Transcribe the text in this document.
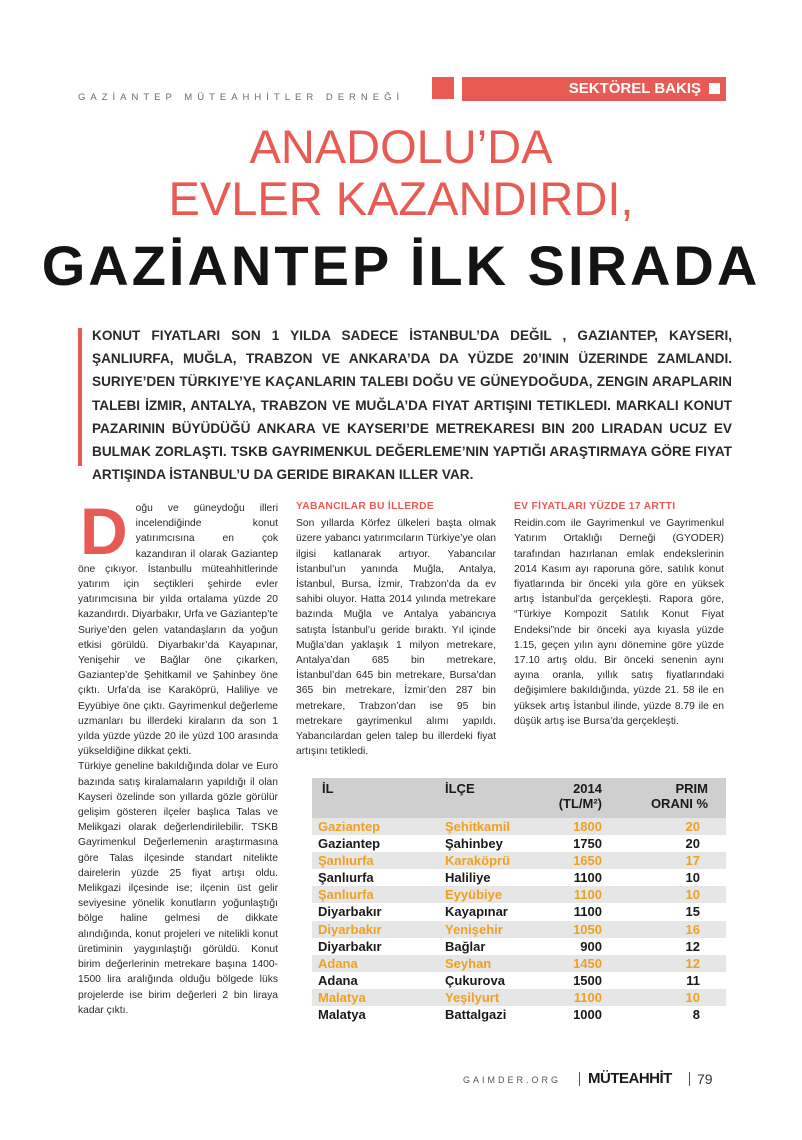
GAZİANTEP MÜTEAHHİTLER DERNEĞİ
SEKTÖREL BAKIŞ
ANADOLU’DA
EVLER KAZANDIRDI,
GAZİANTEP İLK SIRADA
KONUT FIYATLARI SON 1 YILDA SADECE İSTANBUL’DA DEĞIL , GAZIANTEP, KAYSERI, ŞANLIURFA, MUĞLA, TRABZON VE ANKARA’DA DA YÜZDE 20’ININ ÜZERINDE ZAMLANDI. SURIYE’DEN TÜRKIYE’YE KAÇANLARIN TALEBI DOĞU VE GÜNEYDOĞUDA, ZENGIN ARAPLARIN TALEBI İZMIR, ANTALYA, TRABZON VE MUĞLA’DA FIYAT ARTIŞINI TETIKLEDI. MARKALI KONUT PAZARININ BÜYÜDÜĞÜ ANKARA VE KAYSERI’DE METREKARESI BIN 200 LIRADAN UCUZ EV BULMAK ZORLAŞTI. TSKB GAYRIMENKUL DEĞERLEME’NIN YAPTIĞI ARAŞTIRMAYA GÖRE FIYAT ARTIŞINDA İSTANBUL’U DA GERIDE BIRAKAN ILLER VAR.
D oğu ve güneydoğu illeri incelendiğinde konut yatırımcısına en çok kazandıran il olarak Gaziantep öne çıkıyor. İstanbullu müteahhitlerinde yatırım için seçtikleri şehirde evler yatırımcısına bir yılda ortalama yüzde 20 kazandırdı. Diyarbakır, Urfa ve Gaziantep’te Suriye’den gelen vatandaşların da yoğun etkisi görüldü. Diyarbakır’da Kayapınar, Yenişehir ve Bağlar öne çıkarken, Gaziantep’de Şehitkamil ve Şahinbey öne çıktı. Urfa’da ise Karaköprü, Haliliye ve Eyyübiye öne çıktı. Gayrimenkul değerleme uzmanları bu illerdeki kiraların da son 1 yılda yüzde yüzde 20 ile yüzd 100 arasında yükseldiğine dikkat çekti.

Türkiye geneline bakıldığında dolar ve Euro bazında satış kiralamaların yapıldığı il olan Kayseri özelinde son yıllarda gözle görülür gelişim gösteren ilçeler başlıca Talas ve Melikgazi olarak değerlendirilebilir. TSKB Gayrimenkul Değerlemenin araştırmasına göre Talas ilçesinde standart nitelikte dairelerin yüzde 25 fiyat artışı oldu. Melikgazi ilçesinde ise; ilçenin üst gelir seviyesine yönelik konutların yoğunlaştığı bölge haline gelmesi de dikkate alındığında, konut projeleri ve nitelikli konut üretiminin yaygınlaştığı görüldü. Konut birim değerlerinin metrekare başına 1400-1500 lira aralığında olduğu bölgede lüks projelerde ise birim değerleri 2 bin liraya kadar çıktı.

YABANCILAR BU İLLERDE

Son yıllarda Körfez ülkeleri başta olmak üzere yabancı yatırımcıların Türkiye’ye olan ilgisi katlanarak artıyor. Yabancılar İstanbul’un yanında Muğla, Antalya, İstanbul, Bursa, İzmir, Trabzon’da da ev sahibi oluyor. Hatta 2014 yılında metrekare bazında Muğla ve Antalya yabancıya satışta İstanbul’u geride bıraktı. Yıl içinde Muğla’dan yaklaşık 1 milyon metrekare, Antalya’dan 685 bin metrekare, İstanbul’dan 645 bin metrekare, Bursa’dan 365 bin metrekare, İzmir’den 287 bin metrekare, Trabzon’dan ise 95 bin metrekare gayrimenkul alımı yapıldı. Yabancılardan gelen talep bu illerdeki fiyat artışını tetikledi.

EV FİYATLARI YÜZDE 17 ARTTI

Reidin.com ile Gayrimenkul ve Gayrimenkul Yatırım Ortaklığı Derneği (GYODER) tarafından hazırlanan emlak endekslerinin 2014 Kasım ayı raporuna göre, satılık konut fiyatlarında bir önceki yıla göre en yüksek artış İstanbul’da gerçekleşti. Rapora göre, “Türkiye Kompozit Satılık Konut Fiyat Endeksi”nde bir önceki aya kıyasla yüzde 1.15, geçen yılın aynı dönemine göre yüzde 17.10 artış oldu. Bir önceki senenin aynı ayına oranla, yıllık satış fiyatlarındaki değişimlere bakıldığında, yüzde 21. 58 ile en yüksek artış İstanbul ilinde, yüzde 8.79 ile en düşük artış ise Bursa’da gerçekleşti.

İL	İLÇE	2014
(TL/M²)
PRIM
ORANI %
Gaziantep	Şehitkamil	1800	20
Gaziantep	Şahinbey	1750	20
Şanlıurfa	Karaköprü	1650	17
Şanlıurfa	Haliliye	1100	10
Şanlıurfa	Eyyübiye	1100	10
Diyarbakır	Kayapınar	1100	15
Diyarbakır	Yenişehir	1050	16
Diyarbakır	Bağlar	900	12
Adana	Seyhan	1450	12
Adana	Çukurova	1500	11
Malatya	Yeşilyurt	1100	10
Malatya	Battalgazi	1000	8
GAIMDER.ORG MÜTEAHHİT 79
